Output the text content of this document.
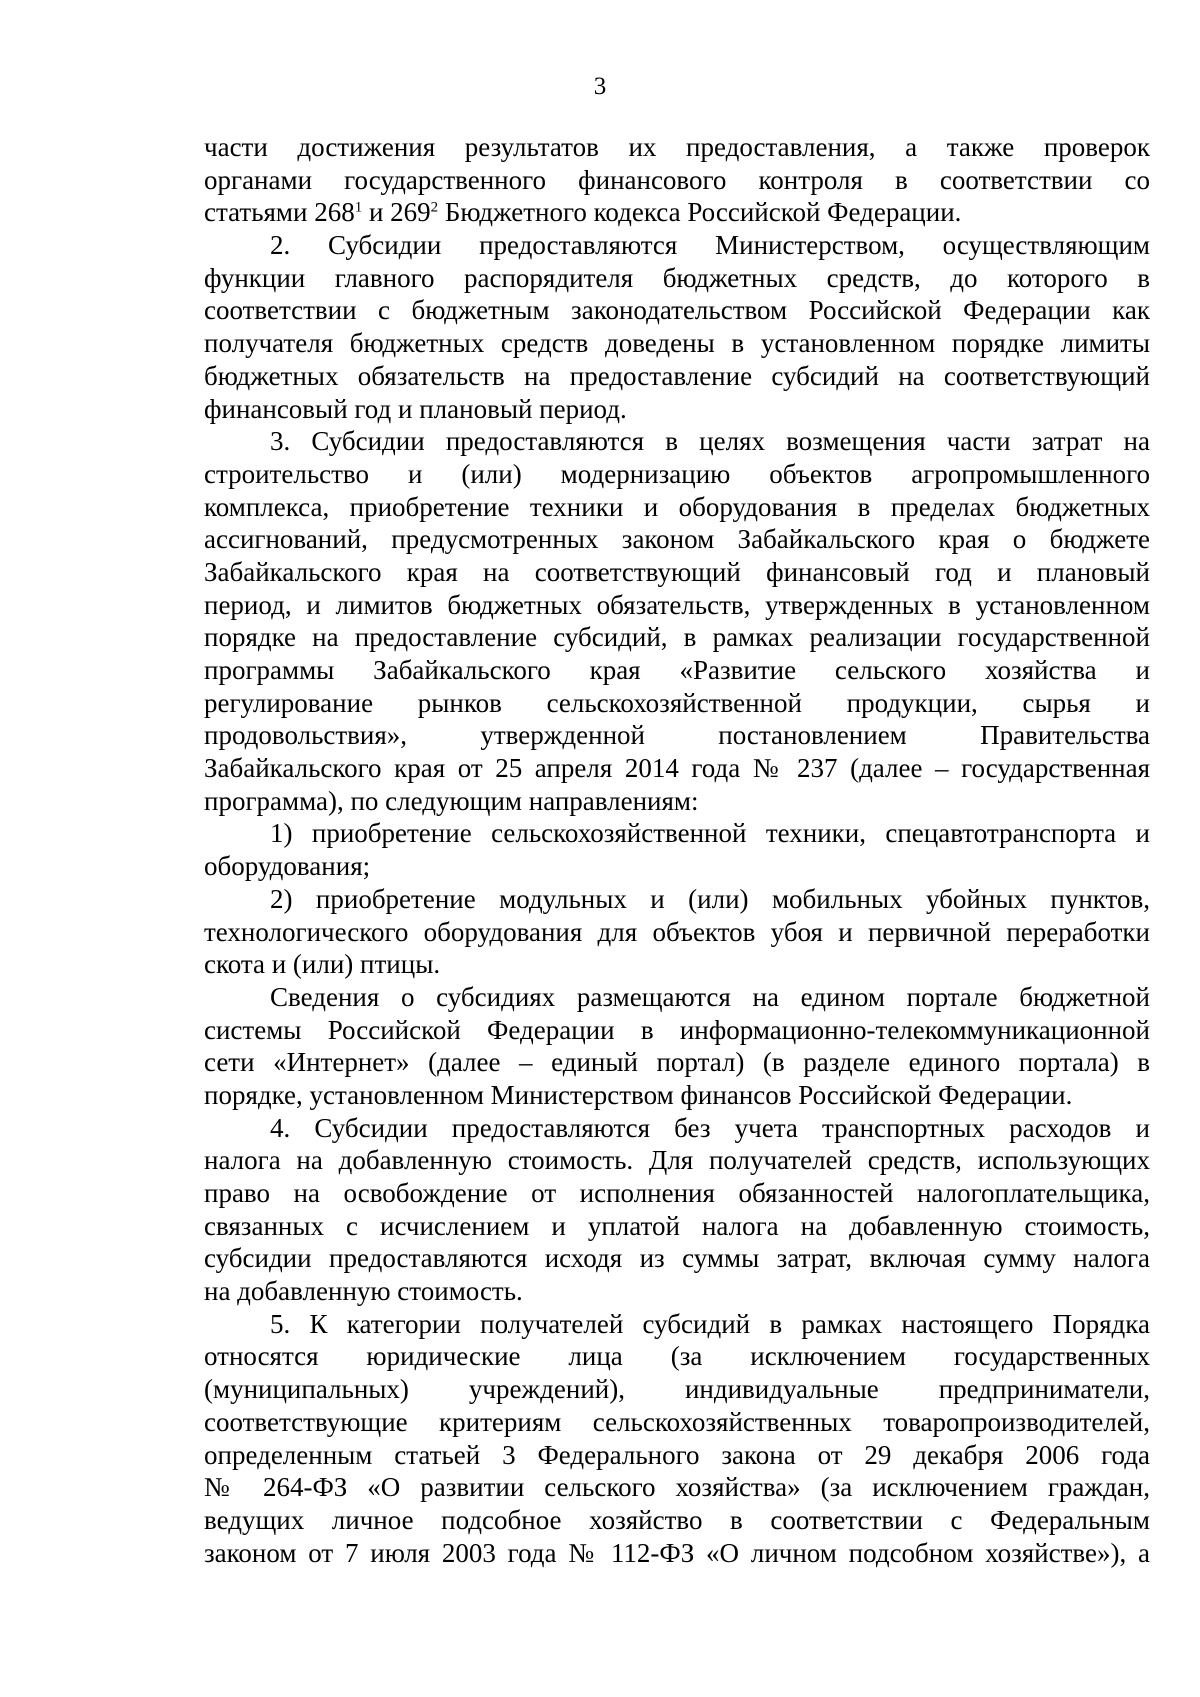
3
части достижения результатов их предоставления, а также проверок
органами государственного финансового контроля в соответствии со
статьями $268^1$ и $269^2$ Бюджетного кодекса Российской Федерации.
2. Субсидии предоставляются Министерством, осуществляющим
функции главного распорядителя бюджетных средств, до которого в
соответствии с бюджетным законодательством Российской Федерации как
получателя бюджетных средств доведены в установленном порядке лимиты
бюджетных обязательств на предоставление субсидий на соответствующий
финансовый год и плановый период.
3. Субсидии предоставляются в целях возмещения части затрат на
строительство и (или) модернизацию объектов агропромышленного
комплекса, приобретение техники и оборудования в пределах бюджетных
ассигнований, предусмотренных законом Забайкальского края о бюджете
Забайкальского края на соответствующий финансовый год и плановый
период, и лимитов бюджетных обязательств, утвержденных в установленном
порядке на предоставление субсидий, в рамках реализации государственной
программы Забайкальского края «Развитие сельского хозяйства и
регулирование рынков сельскохозяйственной продукции, сырья и
продовольствия», утвержденной постановлением Правительства
Забайкальского края от 25 апреля 2014 года № 237 (далее – государственная
программа), по следующим направлениям:
1) приобретение сельскохозяйственной техники, спецавтотранспорта и
оборудования;
2) приобретение модульных и (или) мобильных убойных пунктов,
технологического оборудования для объектов убоя и первичной переработки
скота и (или) птицы.
Сведения о субсидиях размещаются на едином портале бюджетной
системы Российской Федерации в информационно-телекоммуникационной
сети «Интернет» (далее – единый портал) (в разделе единого портала) в
порядке, установленном Министерством финансов Российской Федерации.
4. Субсидии предоставляются без учета транспортных расходов и
налога на добавленную стоимость. Для получателей средств, использующих
право на освобождение от исполнения обязанностей налогоплательщика,
связанных с исчислением и уплатой налога на добавленную стоимость,
субсидии предоставляются исходя из суммы затрат, включая сумму налога
на добавленную стоимость.
5. К категории получателей субсидий в рамках настоящего Порядка
относятся юридические лица (за исключением государственных
(муниципальных) учреждений), индивидуальные предприниматели,
соответствующие критериям сельскохозяйственных товаропроизводителей,
определенным статьей 3 Федерального закона от 29 декабря 2006 года
№ 264-ФЗ «О развитии сельского хозяйства» (за исключением граждан,
ведущих личное подсобное хозяйство в соответствии с Федеральным
законом от 7 июля 2003 года № 112-ФЗ «О личном подсобном хозяйстве»), а
